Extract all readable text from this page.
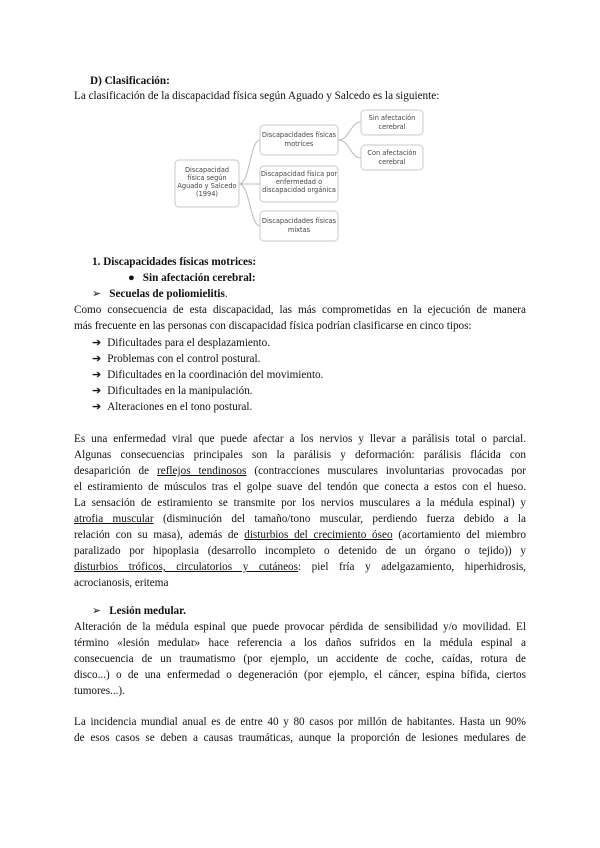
D) Clasificación:
La clasificación de la discapacidad física según Aguado y Salcedo es la siguiente:
Discapacidad
física según
Aguado y Salcedo
(1994)
Discapacidades físicas
motrices
Discapacidad física por
enfermedad o
discapacidad orgánica
Discapacidades físicas
mixtas
Sin afectación
cerebral
Con afectación
cerebral
1. Discapacidades físicas motrices:
● Sin afectación cerebral:
➢ Secuelas de poliomielitis.
Como consecuencia de esta discapacidad, las más comprometidas en la ejecución de manera
más frecuente en las personas con discapacidad física podrían clasificarse en cinco tipos:
➔ Dificultades para el desplazamiento.
➔ Problemas con el control postural.
➔ Dificultades en la coordinación del movimiento.
➔ Dificultades en la manipulación.
➔ Alteraciones en el tono postural.
Es una enfermedad viral que puede afectar a los nervios y llevar a parálisis total o parcial.
Algunas consecuencias principales son la parálisis y deformación: parálisis flácida con
desaparición de reflejos tendinosos (contracciones musculares involuntarias provocadas por
el estiramiento de músculos tras el golpe suave del tendón que conecta a estos con el hueso.
La sensación de estiramiento se transmite por los nervios musculares a la médula espinal) y
atrofia muscular (disminución del tamaño/tono muscular, perdiendo fuerza debido a la
relación con su masa), además de disturbios del crecimiento óseo (acortamiento del miembro
paralizado por hipoplasia (desarrollo incompleto o detenido de un órgano o tejido)) y
disturbios tróficos, circulatorios y cutáneos: piel fría y adelgazamiento, hiperhidrosis,
acrocianosis, eritema
➢ Lesión medular.
Alteración de la médula espinal que puede provocar pérdida de sensibilidad y/o movilidad. El
término «lesión medular» hace referencia a los daños sufridos en la médula espinal a
consecuencia de un traumatismo (por ejemplo, un accidente de coche, caídas, rotura de
disco...) o de una enfermedad o degeneración (por ejemplo, el cáncer, espina bífida, ciertos
tumores...).
La incidencia mundial anual es de entre 40 y 80 casos por millón de habitantes. Hasta un 90%
de esos casos se deben a causas traumáticas, aunque la proporción de lesiones medulares de
